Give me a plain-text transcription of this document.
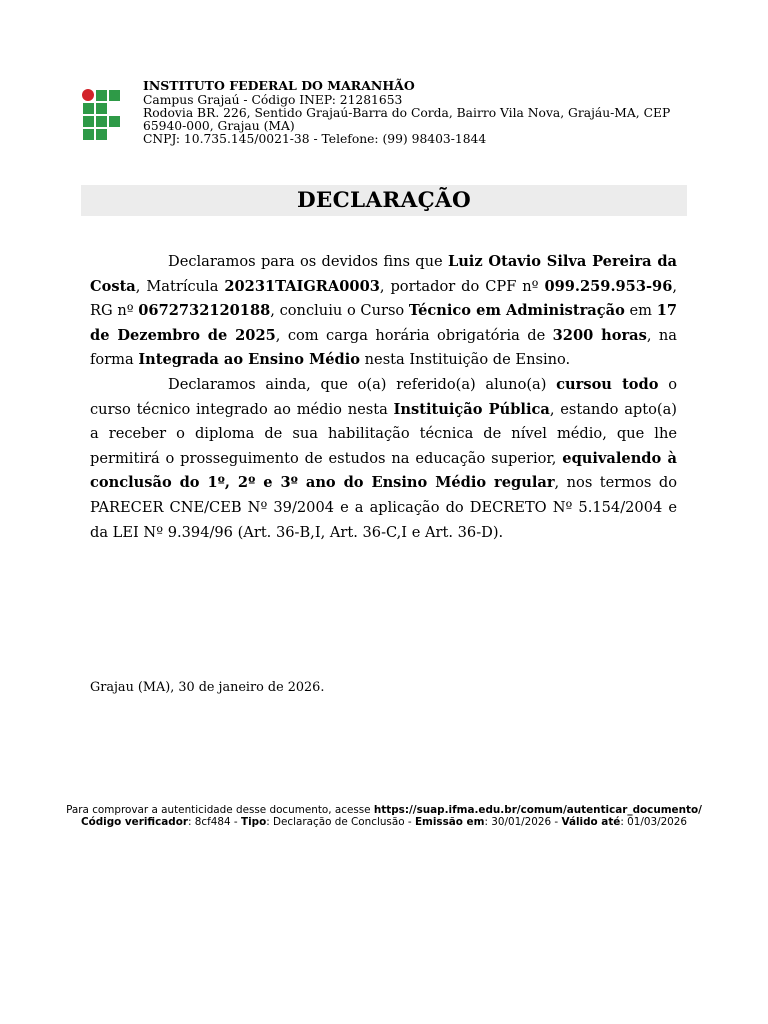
INSTITUTO FEDERAL DO MARANHÃO
Campus Grajaú - Código INEP: 21281653
Rodovia BR. 226, Sentido Grajaú-Barra do Corda, Bairro Vila Nova, Grajáu-MA, CEP 65940-000, Grajau (MA)
CNPJ: 10.735.145/0021-38 - Telefone: (99) 98403-1844
DECLARAÇÃO

Declaramos para os devidos fins que Luiz Otavio Silva Pereira da Costa, Matrícula 20231TAIGRA0003, portador do CPF nº 099.259.953-96, RG nº 0672732120188, concluiu o Curso Técnico em Administração em 17 de Dezembro de 2025, com carga horária obrigatória de 3200 horas, na forma Integrada ao Ensino Médio nesta Instituição de Ensino.

Declaramos ainda, que o(a) referido(a) aluno(a) cursou todo o curso técnico integrado ao médio nesta Instituição Pública, estando apto(a) a receber o diploma de sua habilitação técnica de nível médio, que lhe permitirá o prosseguimento de estudos na educação superior, equivalendo à conclusão do 1º, 2º e 3º ano do Ensino Médio regular, nos termos do PARECER CNE/CEB Nº 39/2004 e a aplicação do DECRETO Nº 5.154/2004 e da LEI Nº 9.394/96 (Art. 36-B,I, Art. 36-C,I e Art. 36-D).

Grajau (MA), 30 de janeiro de 2026.
Para comprovar a autenticidade desse documento, acesse https://suap.ifma.edu.br/comum/autenticar_documento/
Código verificador: 8cf484 - Tipo: Declaração de Conclusão - Emissão em: 30/01/2026 - Válido até: 01/03/2026
